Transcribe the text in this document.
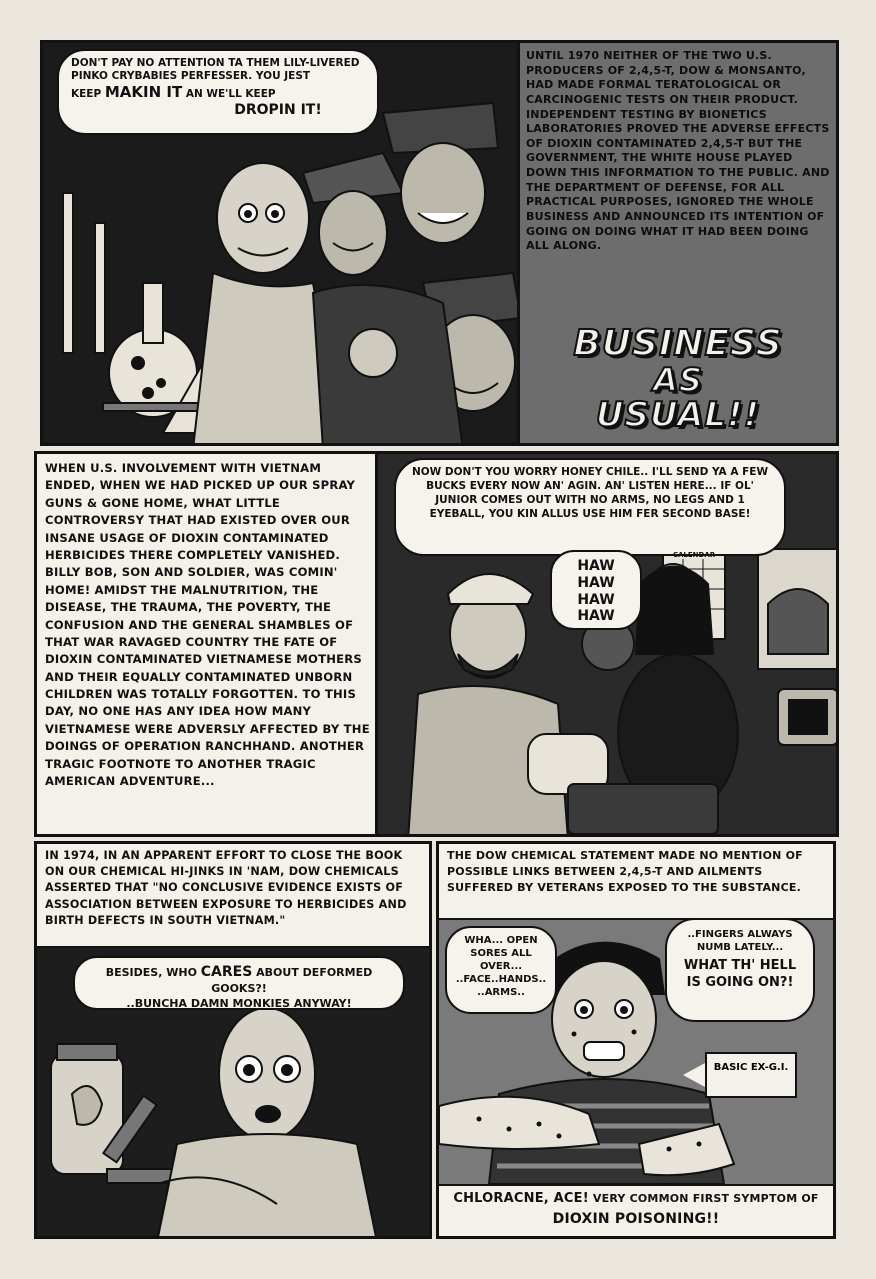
DON'T PAY NO ATTENTION TA THEM LILY-LIVERED
PINKO CRYBABIES PERFESSER. YOU JEST
KEEP MAKIN IT AN WE'LL KEEP
DROPIN IT!
UNTIL 1970 NEITHER OF THE TWO U.S. PRODUCERS OF 2,4,5-T, DOW & MONSANTO, HAD MADE FORMAL TERATOLOGICAL OR CARCINOGENIC TESTS ON THEIR PRODUCT. INDEPENDENT TESTING BY BIONETICS LABORATORIES PROVED THE ADVERSE EFFECTS OF DIOXIN CONTAMINATED 2,4,5-T BUT THE GOVERNMENT, THE WHITE HOUSE PLAYED DOWN THIS INFORMATION TO THE PUBLIC. AND THE DEPARTMENT OF DEFENSE, FOR ALL PRACTICAL PURPOSES, IGNORED THE WHOLE BUSINESS AND ANNOUNCED ITS INTENTION OF GOING ON DOING WHAT IT HAD BEEN DOING ALL ALONG.
BUSINESS
AS
USUAL!!
WHEN U.S. INVOLVEMENT WITH VIETNAM ENDED, WHEN WE HAD PICKED UP OUR SPRAY GUNS & GONE HOME, WHAT LITTLE CONTROVERSY THAT HAD EXISTED OVER OUR INSANE USAGE OF DIOXIN CONTAMINATED HERBICIDES THERE COMPLETELY VANISHED. BILLY BOB, SON AND SOLDIER, WAS COMIN' HOME! AMIDST THE MALNUTRITION, THE DISEASE, THE TRAUMA, THE POVERTY, THE CONFUSION AND THE GENERAL SHAMBLES OF THAT WAR RAVAGED COUNTRY THE FATE OF DIOXIN CONTAMINATED VIETNAMESE MOTHERS AND THEIR EQUALLY CONTAMINATED UNBORN CHILDREN WAS TOTALLY FORGOTTEN. TO THIS DAY, NO ONE HAS ANY IDEA HOW MANY VIETNAMESE WERE ADVERSLY AFFECTED BY THE DOINGS OF OPERATION RANCHHAND. ANOTHER TRAGIC FOOTNOTE TO ANOTHER TRAGIC AMERICAN ADVENTURE...
NOW DON'T YOU WORRY HONEY CHILE.. I'LL SEND YA A FEW BUCKS EVERY NOW AN' AGIN. AN' LISTEN HERE... IF OL' JUNIOR COMES OUT WITH NO ARMS, NO LEGS AND 1 EYEBALL, YOU KIN ALLUS USE HIM FER SECOND BASE!
HAW HAW HAW HAW
CALENDAR
IN 1974, IN AN APPARENT EFFORT TO CLOSE THE BOOK ON OUR CHEMICAL HI-JINKS IN 'NAM, DOW CHEMICALS ASSERTED THAT "NO CONCLUSIVE EVIDENCE EXISTS OF ASSOCIATION BETWEEN EXPOSURE TO HERBICIDES AND BIRTH DEFECTS IN SOUTH VIETNAM."
BESIDES, WHO CARES ABOUT DEFORMED GOOKS?!
..BUNCHA DAMN MONKIES ANYWAY!
THE DOW CHEMICAL STATEMENT MADE NO MENTION OF POSSIBLE LINKS BETWEEN 2,4,5-T AND AILMENTS SUFFERED BY VETERANS EXPOSED TO THE SUBSTANCE.
WHA... OPEN SORES ALL OVER... ..FACE..HANDS.. ..ARMS..
..FINGERS ALWAYS NUMB LATELY...
WHAT TH' HELL IS GOING ON?!
BASIC EX-G.I.
CHLORACNE, ACE! VERY COMMON FIRST SYMPTOM OF
DIOXIN POISONING!!
